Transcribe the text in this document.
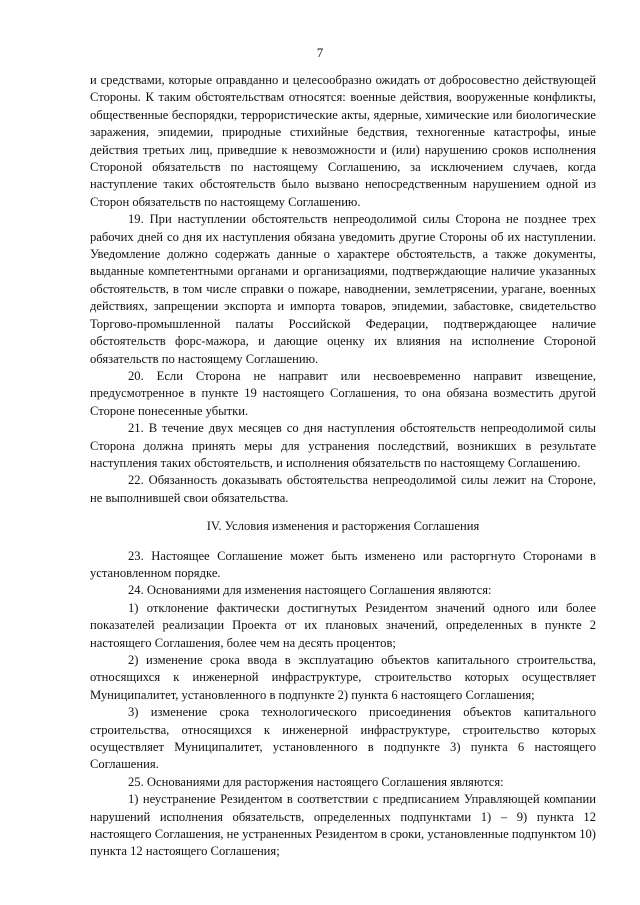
7

и средствами, которые оправданно и целесообразно ожидать от добросовестно действующей Стороны. К таким обстоятельствам относятся: военные действия, вооруженные конфликты, общественные беспорядки, террористические акты, ядерные, химические или биологические заражения, эпидемии, природные стихийные бедствия, техногенные катастрофы, иные действия третьих лиц, приведшие к невозможности и (или) нарушению сроков исполнения Стороной обязательств по настоящему Соглашению, за исключением случаев, когда наступление таких обстоятельств было вызвано непосредственным нарушением одной из Сторон обязательств по настоящему Соглашению.

19. При наступлении обстоятельств непреодолимой силы Сторона не позднее трех рабочих дней со дня их наступления обязана уведомить другие Стороны об их наступлении. Уведомление должно содержать данные о характере обстоятельств, а также документы, выданные компетентными органами и организациями, подтверждающие наличие указанных обстоятельств, в том числе справки о пожаре, наводнении, землетрясении, урагане, военных действиях, запрещении экспорта и импорта товаров, эпидемии, забастовке, свидетельство Торгово-промышленной палаты Российской Федерации, подтверждающее наличие обстоятельств форс-мажора, и дающие оценку их влияния на исполнение Стороной обязательств по настоящему Соглашению.

20. Если Сторона не направит или несвоевременно направит извещение, предусмотренное в пункте 19 настоящего Соглашения, то она обязана возместить другой Стороне понесенные убытки.

21. В течение двух месяцев со дня наступления обстоятельств непреодолимой силы Сторона должна принять меры для устранения последствий, возникших в результате наступления таких обстоятельств, и исполнения обязательств по настоящему Соглашению.

22. Обязанность доказывать обстоятельства непреодолимой силы лежит на Стороне, не выполнившей свои обязательства.

IV. Условия изменения и расторжения Соглашения

23. Настоящее Соглашение может быть изменено или расторгнуто Сторонами в установленном порядке.

24. Основаниями для изменения настоящего Соглашения являются:

1) отклонение фактически достигнутых Резидентом значений одного или более показателей реализации Проекта от их плановых значений, определенных в пункте 2 настоящего Соглашения, более чем на десять процентов;

2) изменение срока ввода в эксплуатацию объектов капитального строительства, относящихся к инженерной инфраструктуре, строительство которых осуществляет Муниципалитет, установленного в подпункте 2) пункта 6 настоящего Соглашения;

3) изменение срока технологического присоединения объектов капитального строительства, относящихся к инженерной инфраструктуре, строительство которых осуществляет Муниципалитет, установленного в подпункте 3) пункта 6 настоящего Соглашения.

25. Основаниями для расторжения настоящего Соглашения являются:

1) неустранение Резидентом в соответствии с предписанием Управляющей компании нарушений исполнения обязательств, определенных подпунктами 1) – 9) пункта 12 настоящего Соглашения, не устраненных Резидентом в сроки, установленные подпунктом 10) пункта 12 настоящего Соглашения;
